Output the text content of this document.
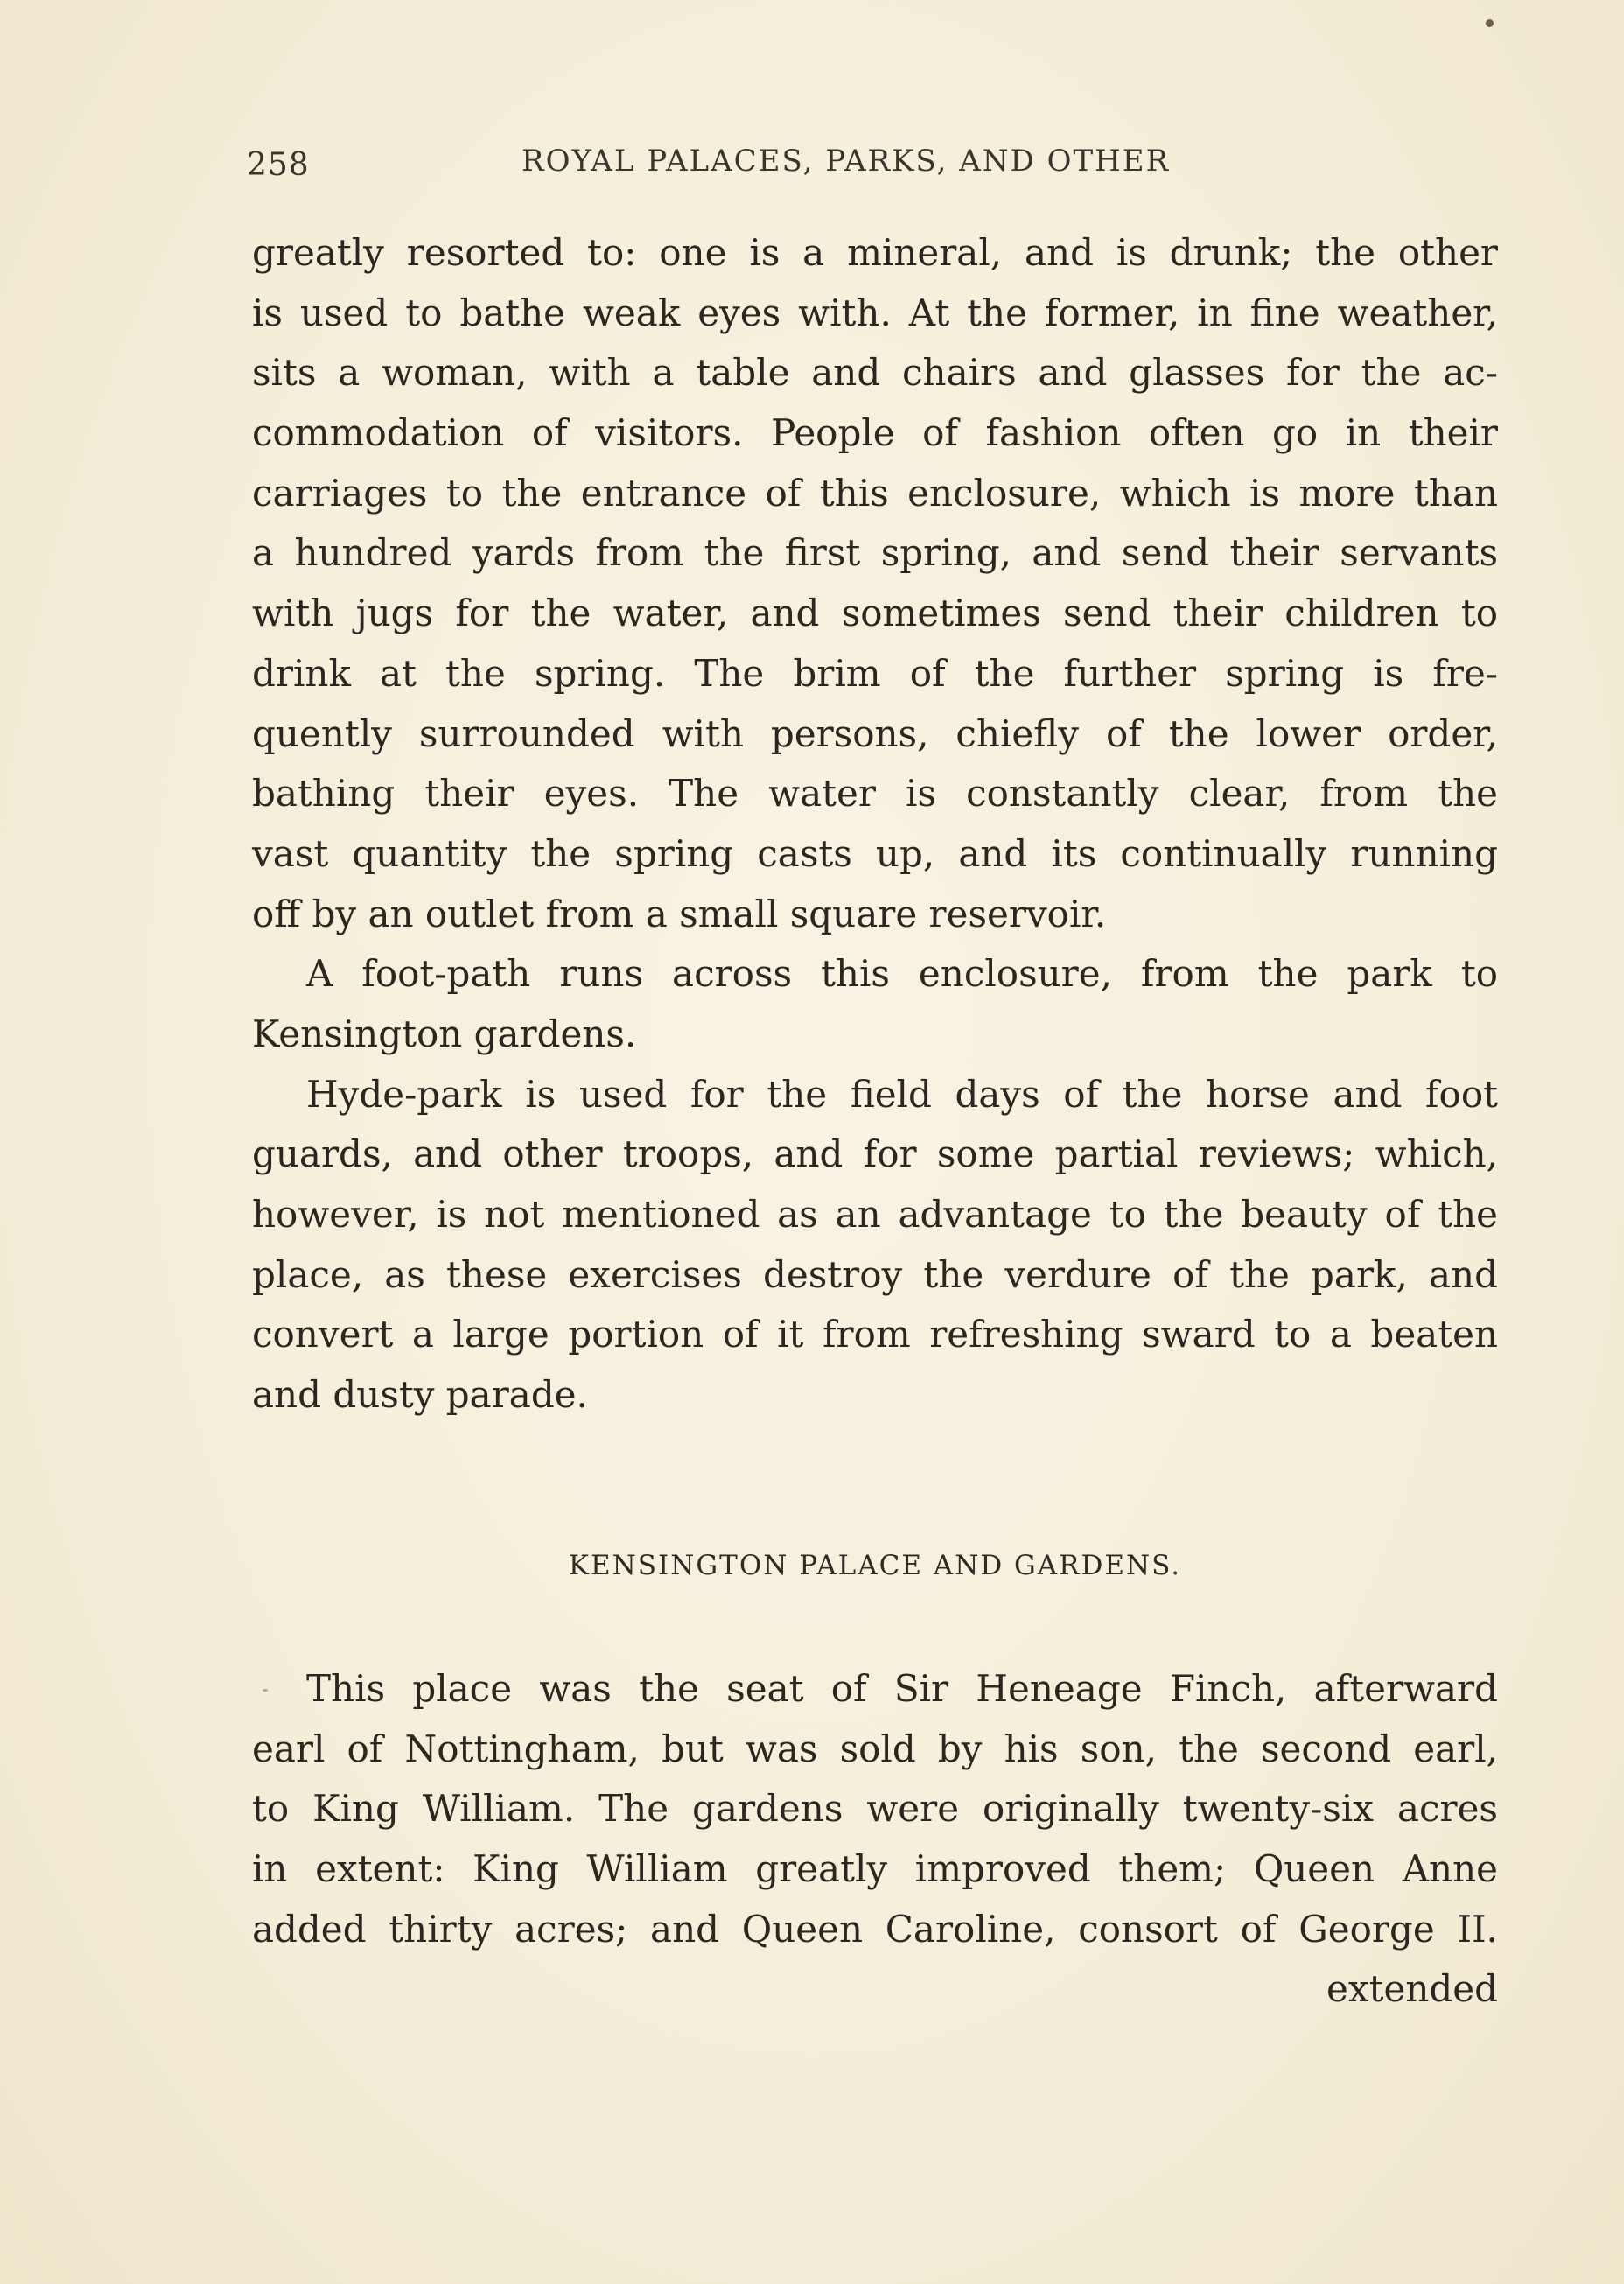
258	ROYAL PALACES, PARKS, AND OTHER
greatly resorted to: one is a mineral, and is drunk; the other
is used to bathe weak eyes with. At the former, in fine weather,
sits a woman, with a table and chairs and glasses for the ac-
commodation of visitors. People of fashion often go in their
carriages to the entrance of this enclosure, which is more than
a hundred yards from the first spring, and send their servants
with jugs for the water, and sometimes send their children to
drink at the spring. The brim of the further spring is fre-
quently surrounded with persons, chiefly of the lower order,
bathing their eyes. The water is constantly clear, from the
vast quantity the spring casts up, and its continually running
off by an outlet from a small square reservoir.
A foot-path runs across this enclosure, from the park to
Kensington gardens.
Hyde-park is used for the field days of the horse and foot
guards, and other troops, and for some partial reviews; which,
however, is not mentioned as an advantage to the beauty of the
place, as these exercises destroy the verdure of the park, and
convert a large portion of it from refreshing sward to a beaten
and dusty parade.
KENSINGTON PALACE AND GARDENS.
This place was the seat of Sir Heneage Finch, afterward
earl of Nottingham, but was sold by his son, the second earl,
to King William. The gardens were originally twenty-six acres
in extent: King William greatly improved them; Queen Anne
added thirty acres; and Queen Caroline, consort of George II.
extended
